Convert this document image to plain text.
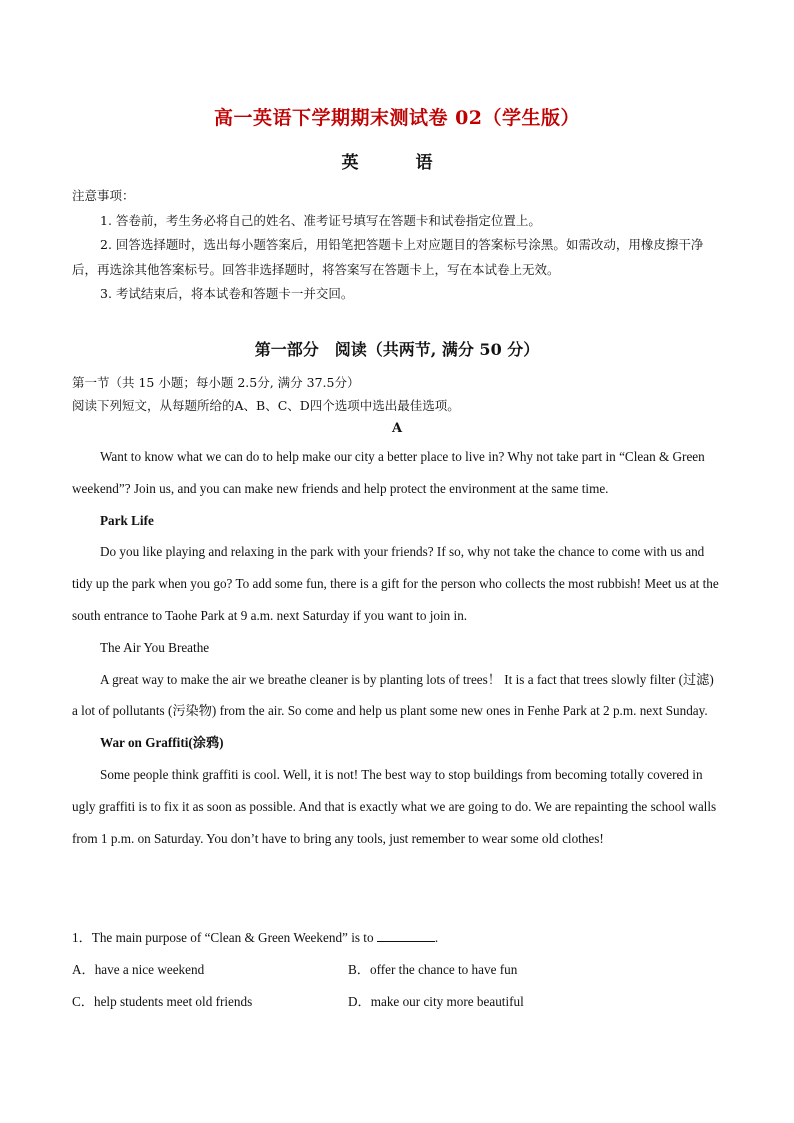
高一英语下学期期末测试卷 02（学生版）
英　语
注意事项：
1. 答卷前，考生务必将自己的姓名、准考证号填写在答题卡和试卷指定位置上。
2. 回答选择题时，选出每小题答案后，用铅笔把答题卡上对应题目的答案标号涂黑。如需改动，用橡皮擦干净后，再选涂其他答案标号。回答非选择题时，将答案写在答题卡上，写在本试卷上无效。
3. 考试结束后，将本试卷和答题卡一并交回。
第一部分　阅读（共两节, 满分 50 分）
第一节（共 15 小题；每小题 2.5分, 满分 37.5分）
阅读下列短文，从每题所给的A、B、C、D四个选项中选出最佳选项。
A

Want to know what we can do to help make our city a better place to live in? Why not take part in “Clean & Green weekend”? Join us, and you can make new friends and help protect the environment at the same time.

Park Life

Do you like playing and relaxing in the park with your friends? If so, why not take the chance to come with us and tidy up the park when you go? To add some fun, there is a gift for the person who collects the most rubbish! Meet us at the south entrance to Taohe Park at 9 a.m. next Saturday if you want to join in.

The Air You Breathe

A great way to make the air we breathe cleaner is by planting lots of trees！ It is a fact that trees slowly filter (过滤) a lot of pollutants (污染物) from the air. So come and help us plant some new ones in Fenhe Park at 2 p.m. next Sunday.

War on Graffiti(涂鸦)

Some people think graffiti is cool. Well, it is not! The best way to stop buildings from becoming totally covered in ugly graffiti is to fix it as soon as possible. And that is exactly what we are going to do. We are repainting the school walls from 1 p.m. on Saturday. You don’t have to bring any tools, just remember to wear some old clothes!

1．The main purpose of “Clean & Green Weekend” is to	.
A．have a nice weekend	B．offer the chance to have fun
C．help students meet old friends	D．make our city more beautiful
